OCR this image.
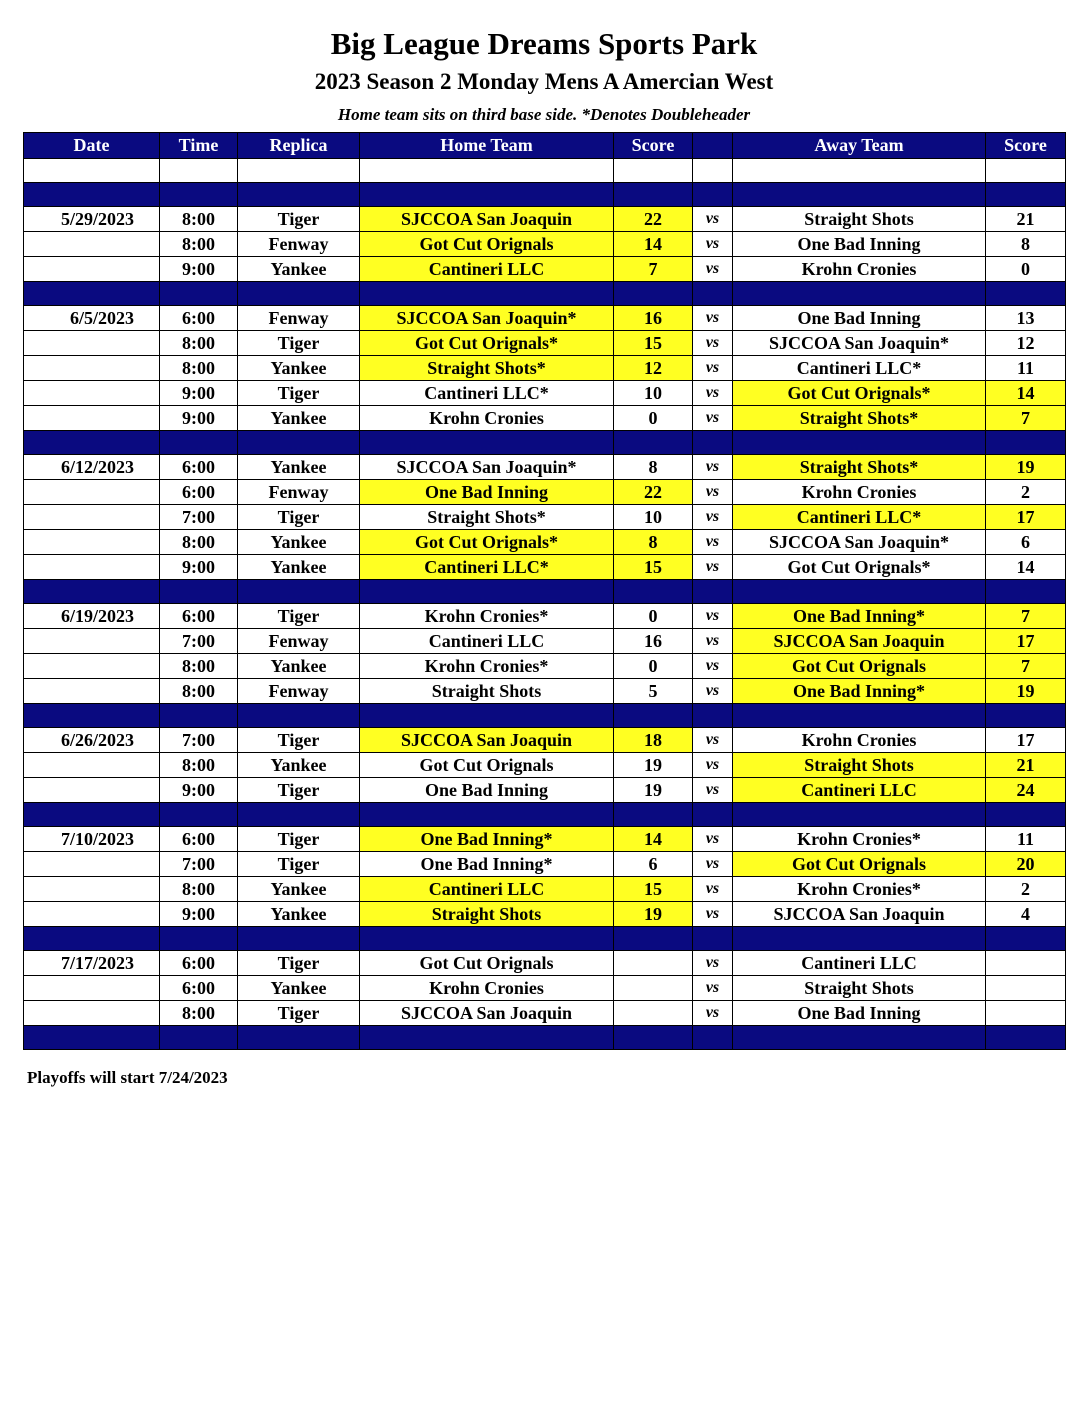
Big League Dreams Sports Park
2023 Season 2 Monday Mens A Amercian West
Home team sits on third base side. *Denotes Doubleheader
Date	Time	Replica	Home Team	Score		Away Team	Score

5/29/2023	8:00	Tiger	SJCCOA San Joaquin	22	vs	Straight Shots	21
	8:00	Fenway	Got Cut Orignals	14	vs	One Bad Inning	8
	9:00	Yankee	Cantineri LLC	7	vs	Krohn Cronies	0

6/5/2023	6:00	Fenway	SJCCOA San Joaquin*	16	vs	One Bad Inning	13
	8:00	Tiger	Got Cut Orignals*	15	vs	SJCCOA San Joaquin*	12
	8:00	Yankee	Straight Shots*	12	vs	Cantineri LLC*	11
	9:00	Tiger	Cantineri LLC*	10	vs	Got Cut Orignals*	14
	9:00	Yankee	Krohn Cronies	0	vs	Straight Shots*	7

6/12/2023	6:00	Yankee	SJCCOA San Joaquin*	8	vs	Straight Shots*	19
	6:00	Fenway	One Bad Inning	22	vs	Krohn Cronies	2
	7:00	Tiger	Straight Shots*	10	vs	Cantineri LLC*	17
	8:00	Yankee	Got Cut Orignals*	8	vs	SJCCOA San Joaquin*	6
	9:00	Yankee	Cantineri LLC*	15	vs	Got Cut Orignals*	14

6/19/2023	6:00	Tiger	Krohn Cronies*	0	vs	One Bad Inning*	7
	7:00	Fenway	Cantineri LLC	16	vs	SJCCOA San Joaquin	17
	8:00	Yankee	Krohn Cronies*	0	vs	Got Cut Orignals	7
	8:00	Fenway	Straight Shots	5	vs	One Bad Inning*	19

6/26/2023	7:00	Tiger	SJCCOA San Joaquin	18	vs	Krohn Cronies	17
	8:00	Yankee	Got Cut Orignals	19	vs	Straight Shots	21
	9:00	Tiger	One Bad Inning	19	vs	Cantineri LLC	24

7/10/2023	6:00	Tiger	One Bad Inning*	14	vs	Krohn Cronies*	11
	7:00	Tiger	One Bad Inning*	6	vs	Got Cut Orignals	20
	8:00	Yankee	Cantineri LLC	15	vs	Krohn Cronies*	2
	9:00	Yankee	Straight Shots	19	vs	SJCCOA San Joaquin	4

7/17/2023	6:00	Tiger	Got Cut Orignals		vs	Cantineri LLC	
	6:00	Yankee	Krohn Cronies		vs	Straight Shots	
	8:00	Tiger	SJCCOA San Joaquin		vs	One Bad Inning	

Playoffs will start 7/24/2023
